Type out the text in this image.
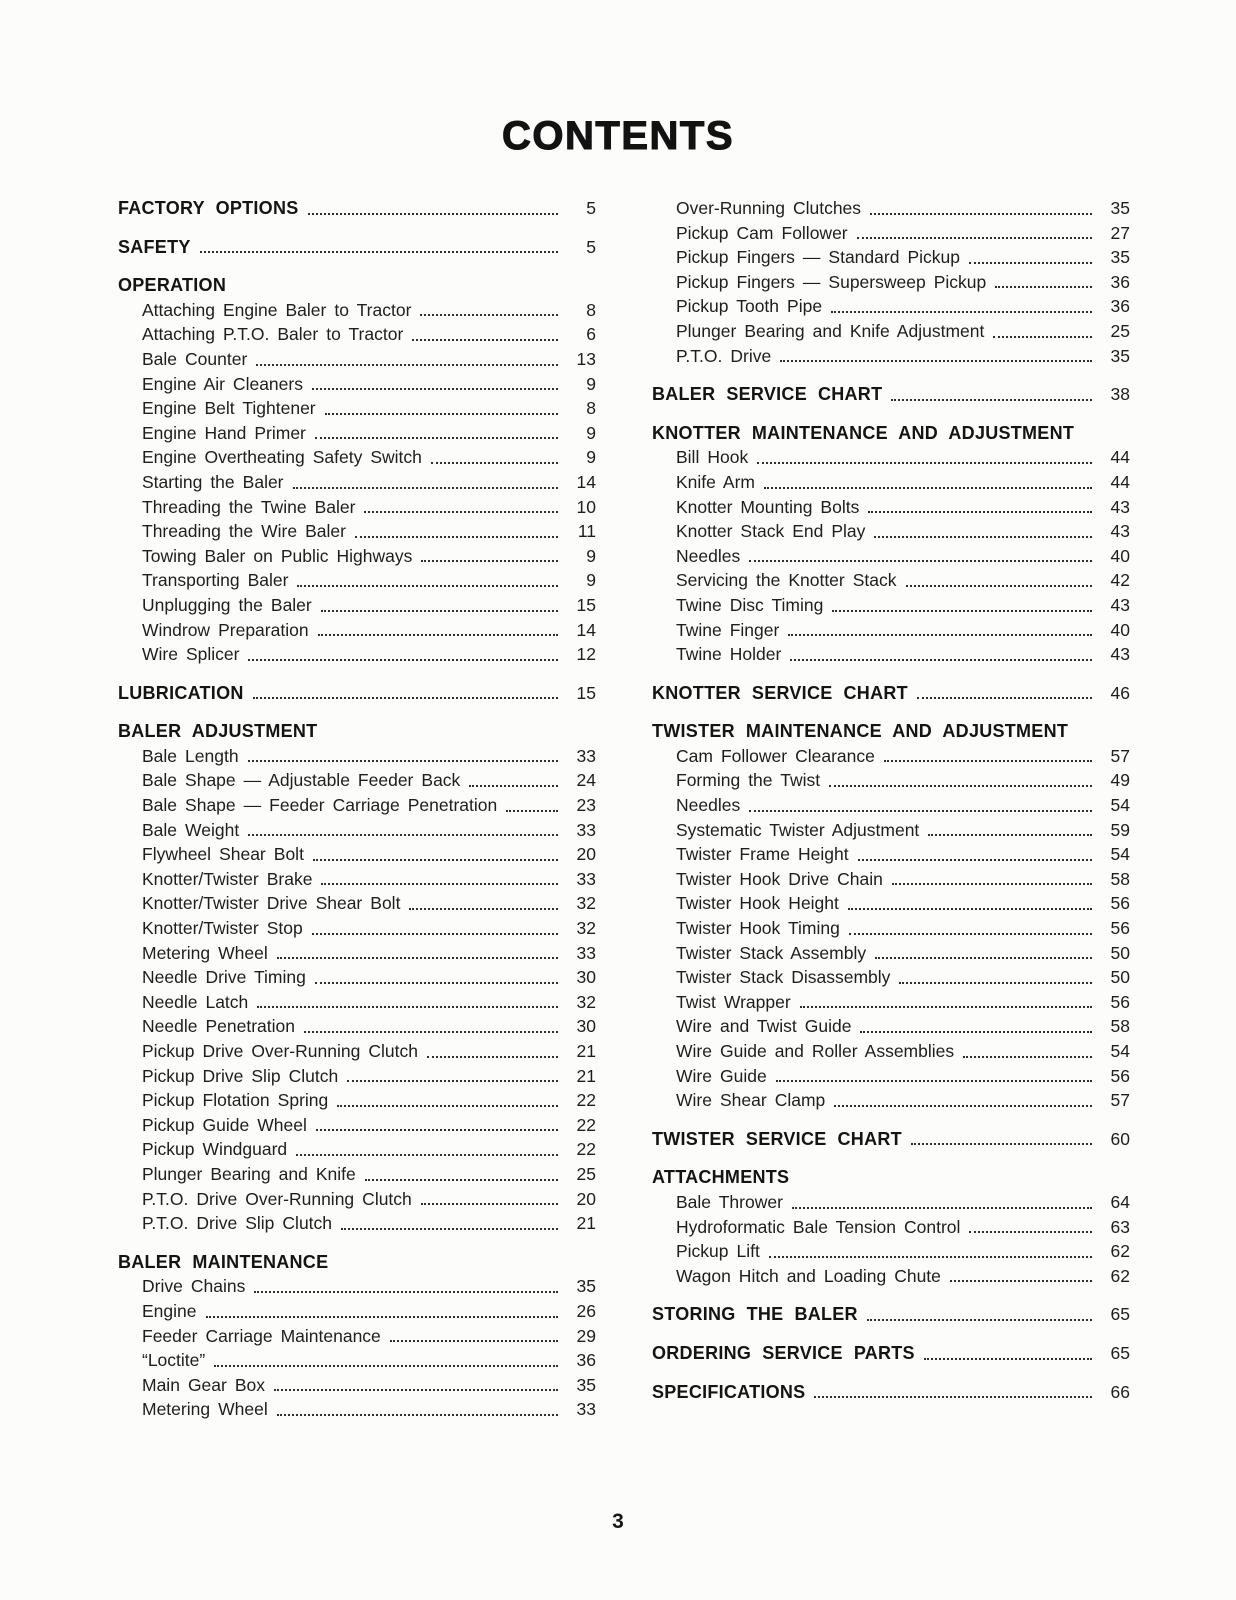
CONTENTS
FACTORY OPTIONS	5
SAFETY	5
OPERATION
Attaching Engine Baler to Tractor	8
Attaching P.T.O. Baler to Tractor	6
Bale Counter	13
Engine Air Cleaners	9
Engine Belt Tightener	8
Engine Hand Primer	9
Engine Overtheating Safety Switch	9
Starting the Baler	14
Threading the Twine Baler	10
Threading the Wire Baler	11
Towing Baler on Public Highways	9
Transporting Baler	9
Unplugging the Baler	15
Windrow Preparation	14
Wire Splicer	12
LUBRICATION	15
BALER ADJUSTMENT
Bale Length	33
Bale Shape — Adjustable Feeder Back	24
Bale Shape — Feeder Carriage Penetration	23
Bale Weight	33
Flywheel Shear Bolt	20
Knotter/Twister Brake	33
Knotter/Twister Drive Shear Bolt	32
Knotter/Twister Stop	32
Metering Wheel	33
Needle Drive Timing	30
Needle Latch	32
Needle Penetration	30
Pickup Drive Over-Running Clutch	21
Pickup Drive Slip Clutch	21
Pickup Flotation Spring	22
Pickup Guide Wheel	22
Pickup Windguard	22
Plunger Bearing and Knife	25
P.T.O. Drive Over-Running Clutch	20
P.T.O. Drive Slip Clutch	21
BALER MAINTENANCE
Drive Chains	35
Engine	26
Feeder Carriage Maintenance	29
“Loctite”	36
Main Gear Box	35
Metering Wheel	33
Over-Running Clutches	35
Pickup Cam Follower	27
Pickup Fingers — Standard Pickup	35
Pickup Fingers — Supersweep Pickup	36
Pickup Tooth Pipe	36
Plunger Bearing and Knife Adjustment	25
P.T.O. Drive	35
BALER SERVICE CHART	38
KNOTTER MAINTENANCE AND ADJUSTMENT
Bill Hook	44
Knife Arm	44
Knotter Mounting Bolts	43
Knotter Stack End Play	43
Needles	40
Servicing the Knotter Stack	42
Twine Disc Timing	43
Twine Finger	40
Twine Holder	43
KNOTTER SERVICE CHART	46
TWISTER MAINTENANCE AND ADJUSTMENT
Cam Follower Clearance	57
Forming the Twist	49
Needles	54
Systematic Twister Adjustment	59
Twister Frame Height	54
Twister Hook Drive Chain	58
Twister Hook Height	56
Twister Hook Timing	56
Twister Stack Assembly	50
Twister Stack Disassembly	50
Twist Wrapper	56
Wire and Twist Guide	58
Wire Guide and Roller Assemblies	54
Wire Guide	56
Wire Shear Clamp	57
TWISTER SERVICE CHART	60
ATTACHMENTS
Bale Thrower	64
Hydroformatic Bale Tension Control	63
Pickup Lift	62
Wagon Hitch and Loading Chute	62
STORING THE BALER	65
ORDERING SERVICE PARTS	65
SPECIFICATIONS	66
3
